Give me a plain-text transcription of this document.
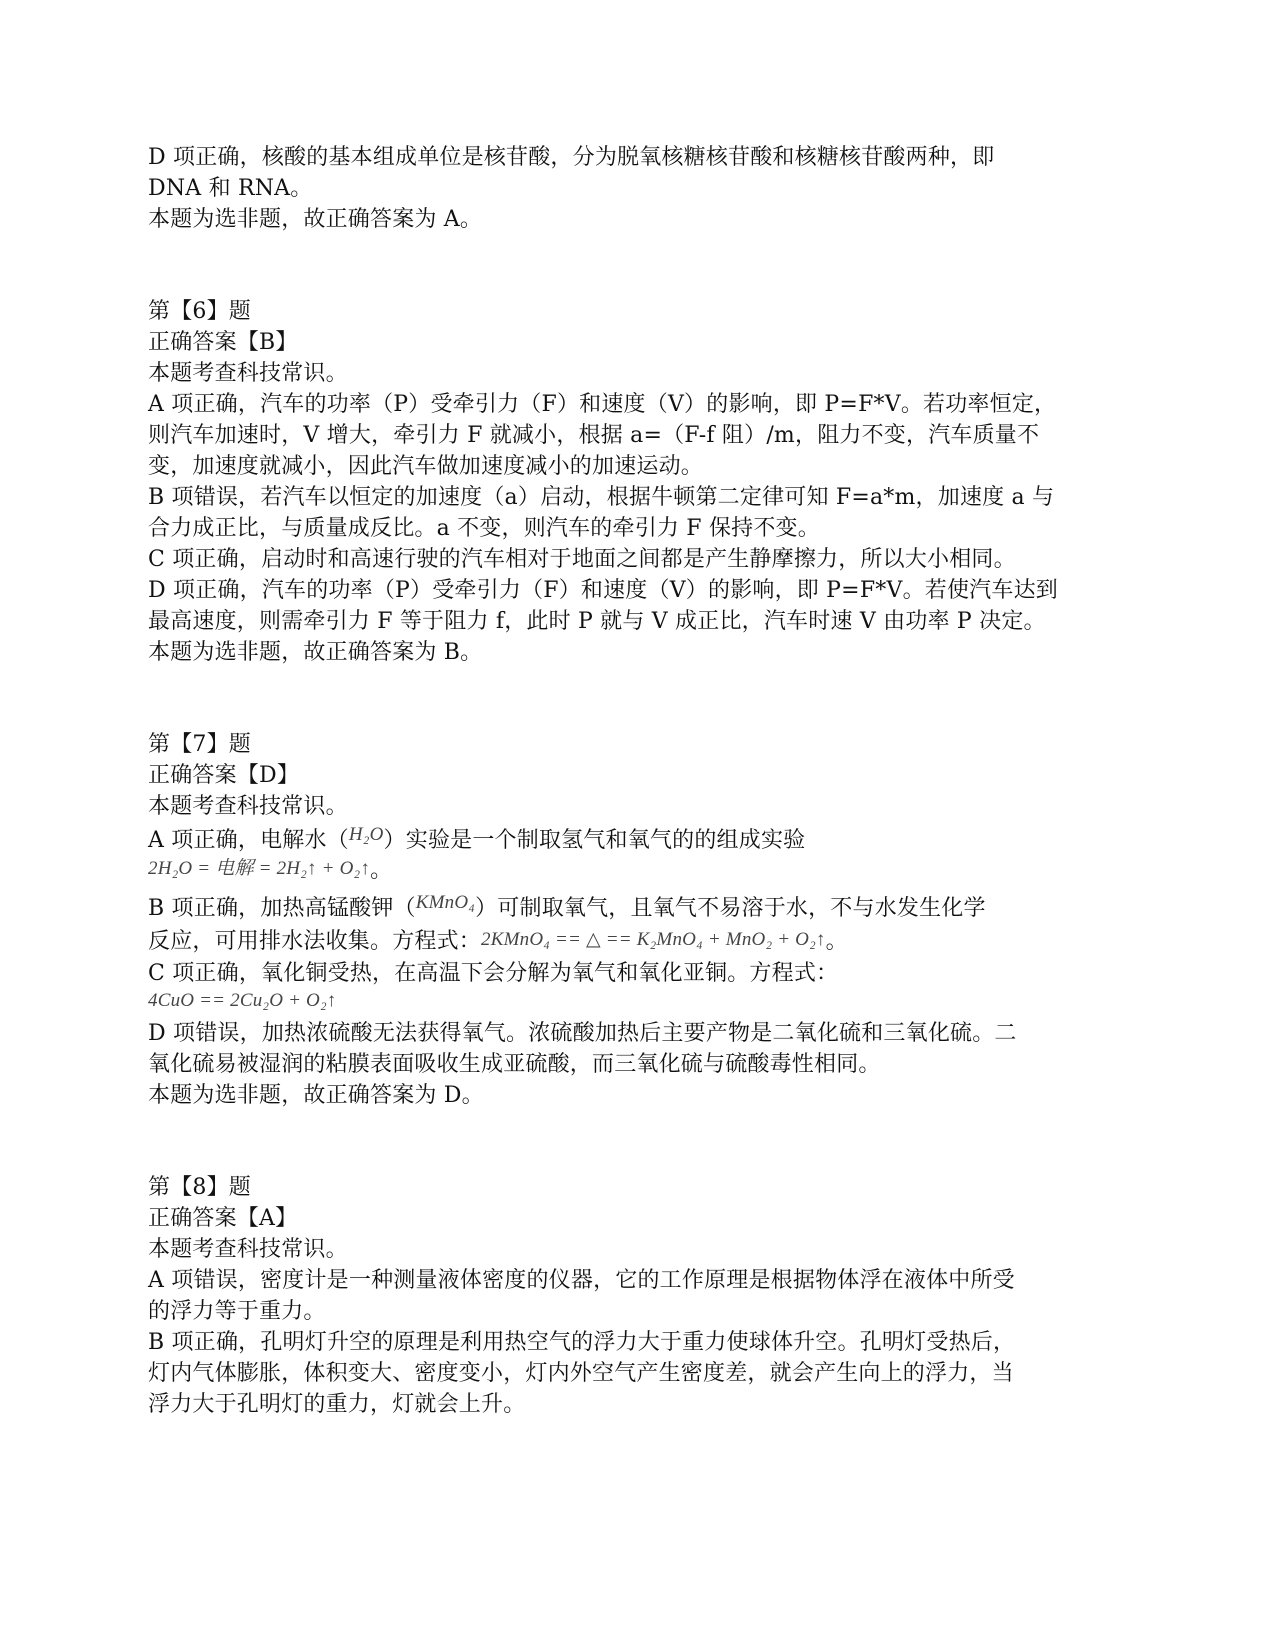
D 项正确，核酸的基本组成单位是核苷酸，分为脱氧核糖核苷酸和核糖核苷酸两种，即
DNA 和 RNA。
本题为选非题，故正确答案为 A。
第【6】题
正确答案【B】
本题考查科技常识。
A 项正确，汽车的功率（P）受牵引力（F）和速度（V）的影响，即 P=F*V。若功率恒定，
则汽车加速时，V 增大，牵引力 F 就减小，根据 a=（F-f 阻）/m，阻力不变，汽车质量不
变，加速度就减小，因此汽车做加速度减小的加速运动。
B 项错误，若汽车以恒定的加速度（a）启动，根据牛顿第二定律可知 F=a*m，加速度 a 与
合力成正比，与质量成反比。a 不变，则汽车的牵引力 F 保持不变。
C 项正确，启动时和高速行驶的汽车相对于地面之间都是产生静摩擦力，所以大小相同。
D 项正确，汽车的功率（P）受牵引力（F）和速度（V）的影响，即 P=F*V。若使汽车达到
最高速度，则需牵引力 F 等于阻力 f，此时 P 就与 V 成正比，汽车时速 V 由功率 P 决定。
本题为选非题，故正确答案为 B。
第【7】题
正确答案【D】
本题考查科技常识。
A 项正确，电解水（H₂O）实验是一个制取氢气和氧气的的组成实验
2H₂O = 电解 = 2H₂↑ + O₂↑。
B 项正确，加热高锰酸钾（KMnO₄）可制取氧气，且氧气不易溶于水，不与水发生化学
反应，可用排水法收集。方程式：2KMnO₄ == △ == K₂MnO₄ + MnO₂ + O₂↑。
C 项正确，氧化铜受热，在高温下会分解为氧气和氧化亚铜。方程式：
4CuO == 2Cu₂O + O₂↑
D 项错误，加热浓硫酸无法获得氧气。浓硫酸加热后主要产物是二氧化硫和三氧化硫。二
氧化硫易被湿润的粘膜表面吸收生成亚硫酸，而三氧化硫与硫酸毒性相同。
本题为选非题，故正确答案为 D。
第【8】题
正确答案【A】
本题考查科技常识。
A 项错误，密度计是一种测量液体密度的仪器，它的工作原理是根据物体浮在液体中所受
的浮力等于重力。
B 项正确，孔明灯升空的原理是利用热空气的浮力大于重力使球体升空。孔明灯受热后，
灯内气体膨胀，体积变大、密度变小，灯内外空气产生密度差，就会产生向上的浮力，当
浮力大于孔明灯的重力，灯就会上升。
